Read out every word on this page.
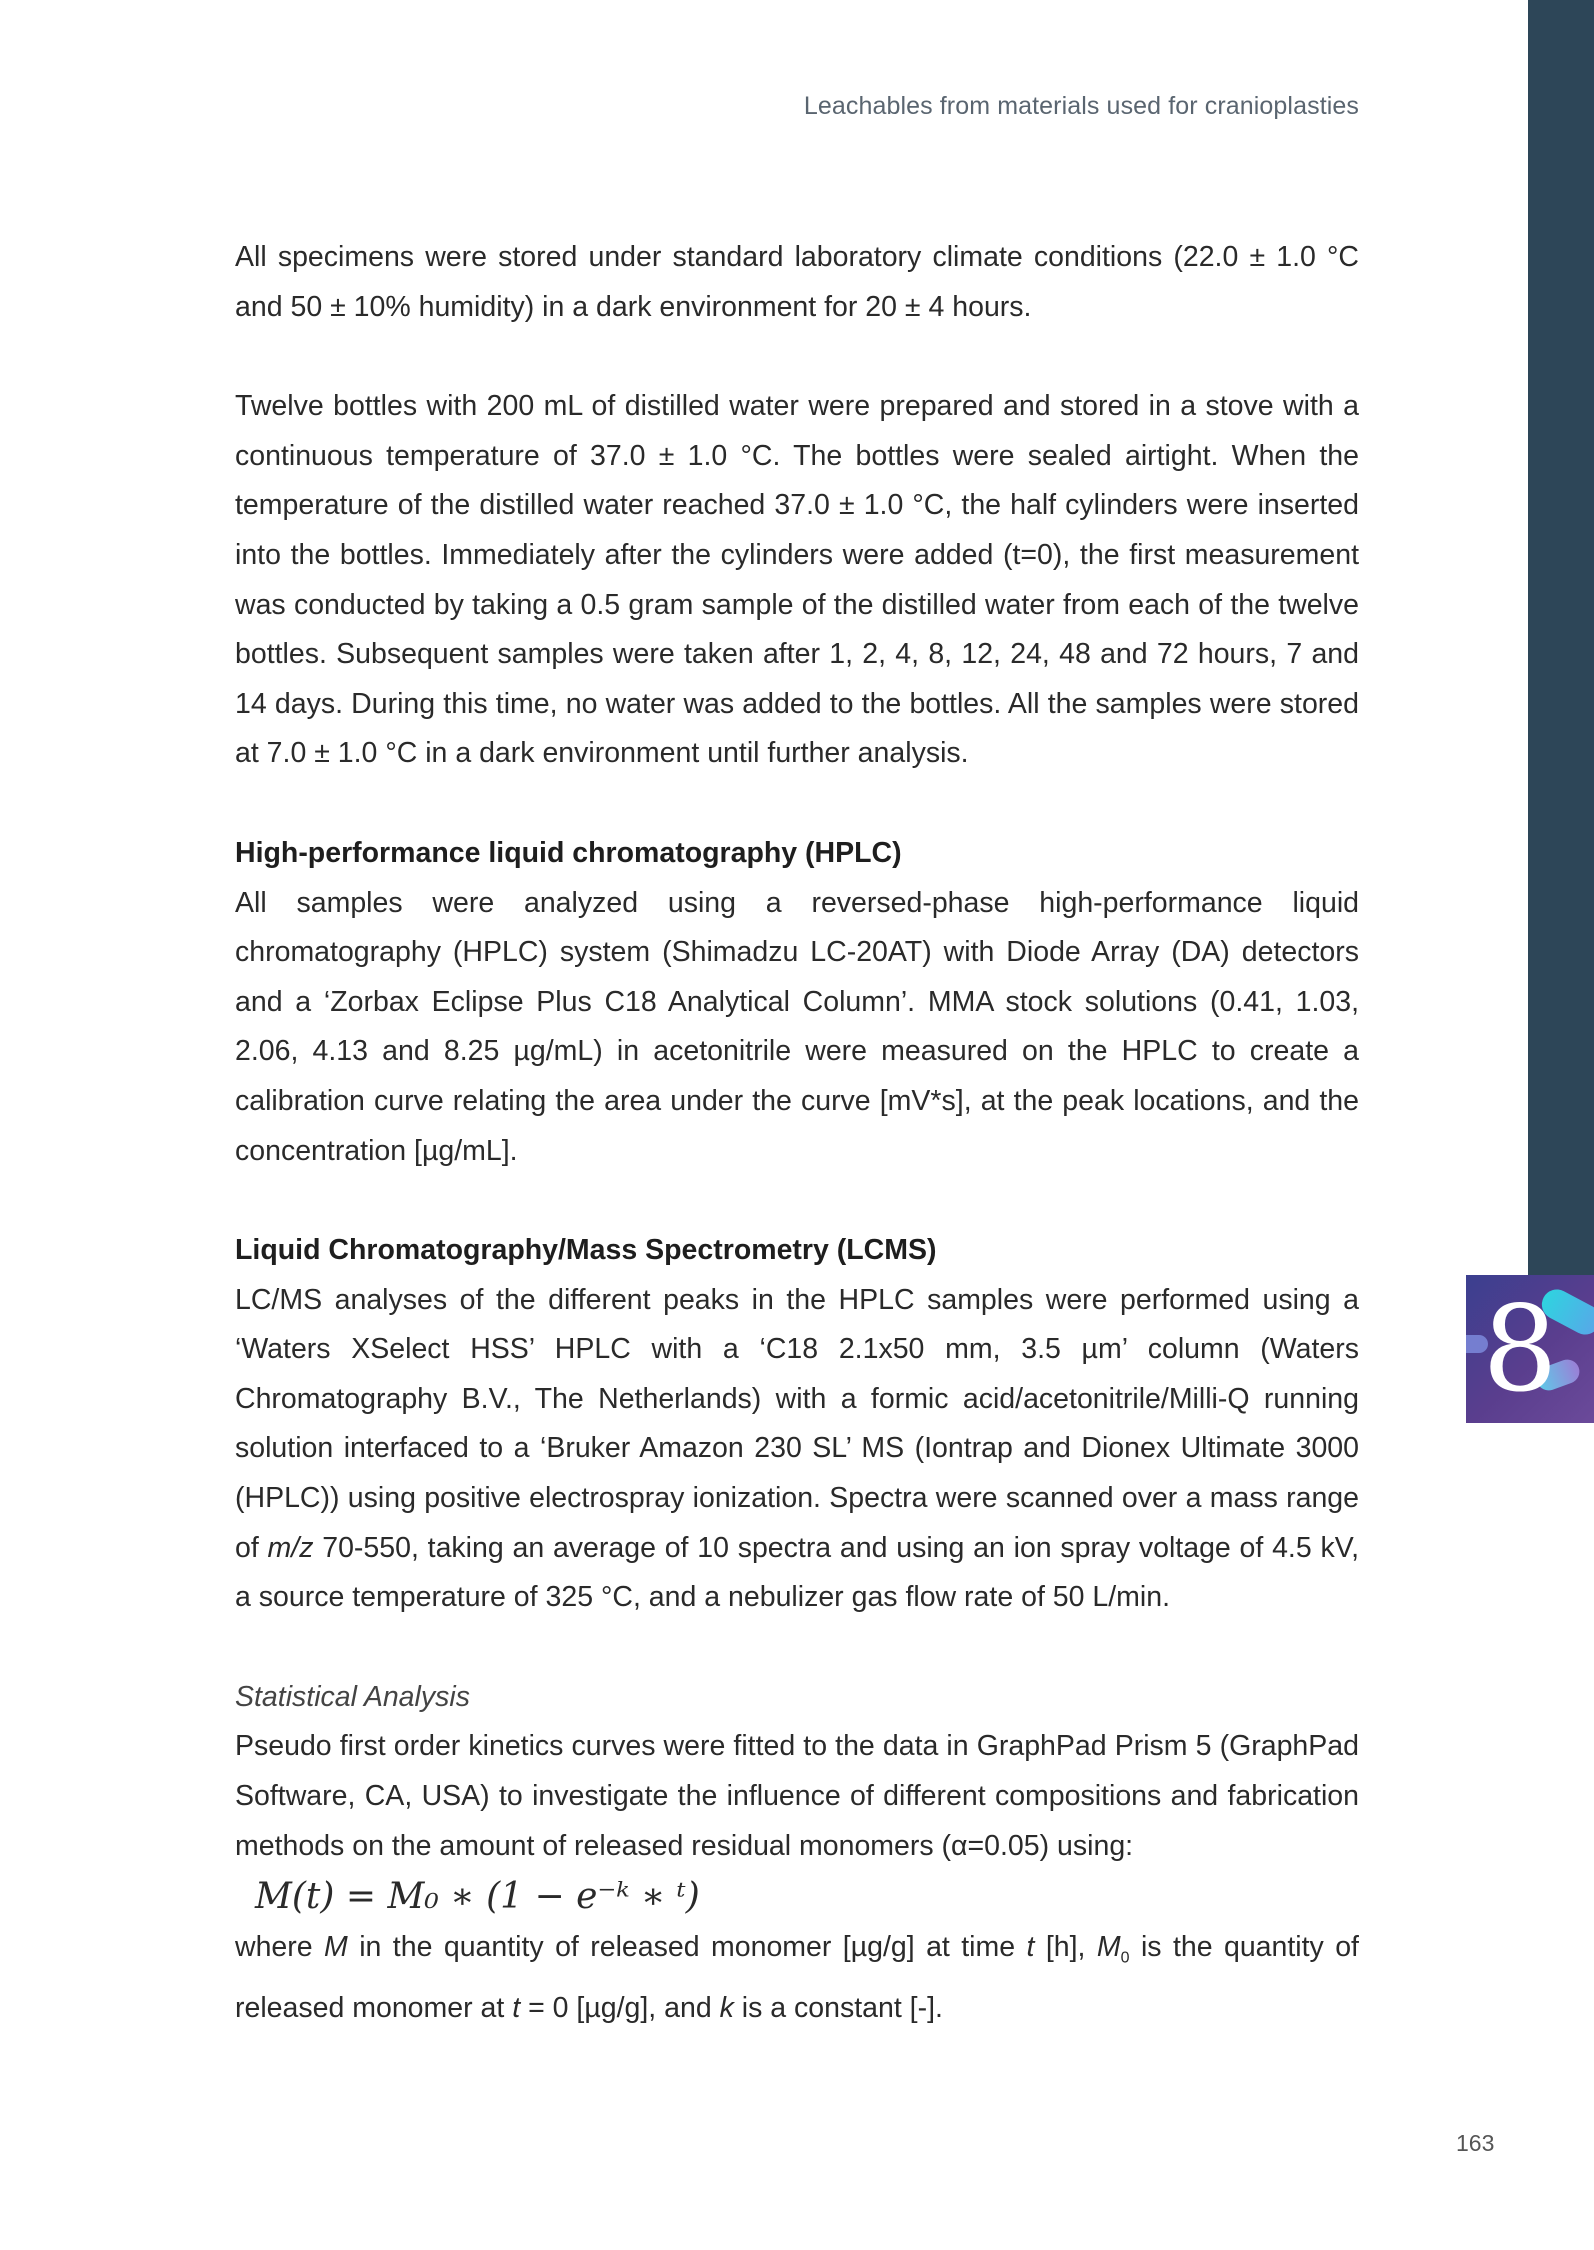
8
Leachables from materials used for cranioplasties

All specimens were stored under standard laboratory climate conditions (22.0 ± 1.0 °C and 50 ± 10% humidity) in a dark environment for 20 ± 4 hours.

Twelve bottles with 200 mL of distilled water were prepared and stored in a stove with a continuous temperature of 37.0 ± 1.0 °C. The bottles were sealed airtight. When the temperature of the distilled water reached 37.0 ± 1.0 °C, the half cylinders were inserted into the bottles. Immediately after the cylinders were added (t=0), the first measurement was conducted by taking a 0.5 gram sample of the distilled water from each of the twelve bottles. Subsequent samples were taken after 1, 2, 4, 8, 12, 24, 48 and 72 hours, 7 and 14 days. During this time, no water was added to the bottles. All the samples were stored at 7.0 ± 1.0 °C in a dark environment until further analysis.

High-performance liquid chromatography (HPLC)

All samples were analyzed using a reversed-phase high-performance liquid chromatography (HPLC) system (Shimadzu LC-20AT) with Diode Array (DA) detectors and a ‘Zorbax Eclipse Plus C18 Analytical Column’. MMA stock solutions (0.41, 1.03, 2.06, 4.13 and 8.25 µg/mL) in acetonitrile were measured on the HPLC to create a calibration curve relating the area under the curve [mV*s], at the peak locations, and the concentration [µg/mL].

Liquid Chromatography/Mass Spectrometry (LCMS)

LC/MS analyses of the different peaks in the HPLC samples were performed using a ‘Waters XSelect HSS’ HPLC with a ‘C18 2.1x50 mm, 3.5 µm’ column (Waters Chromatography B.V., The Netherlands) with a formic acid/acetonitrile/Milli-Q running solution interfaced to a ‘Bruker Amazon 230 SL’ MS (Iontrap and Dionex Ultimate 3000 (HPLC)) using positive electrospray ionization. Spectra were scanned over a mass range of m/z 70-550, taking an average of 10 spectra and using an ion spray voltage of 4.5 kV, a source temperature of 325 °C, and a nebulizer gas flow rate of 50 L/min.

Statistical Analysis

Pseudo first order kinetics curves were fitted to the data in GraphPad Prism 5 (GraphPad Software, CA, USA) to investigate the influence of different compositions and fabrication methods on the amount of released residual monomers (α=0.05) using:

M(t) = M₀ ∗ (1 − e⁻ᵏ ∗ ᵗ)

where M in the quantity of released monomer [µg/g] at time t [h], $M_0$ is the quantity of released monomer at t = 0 [µg/g], and k is a constant [-].

163
